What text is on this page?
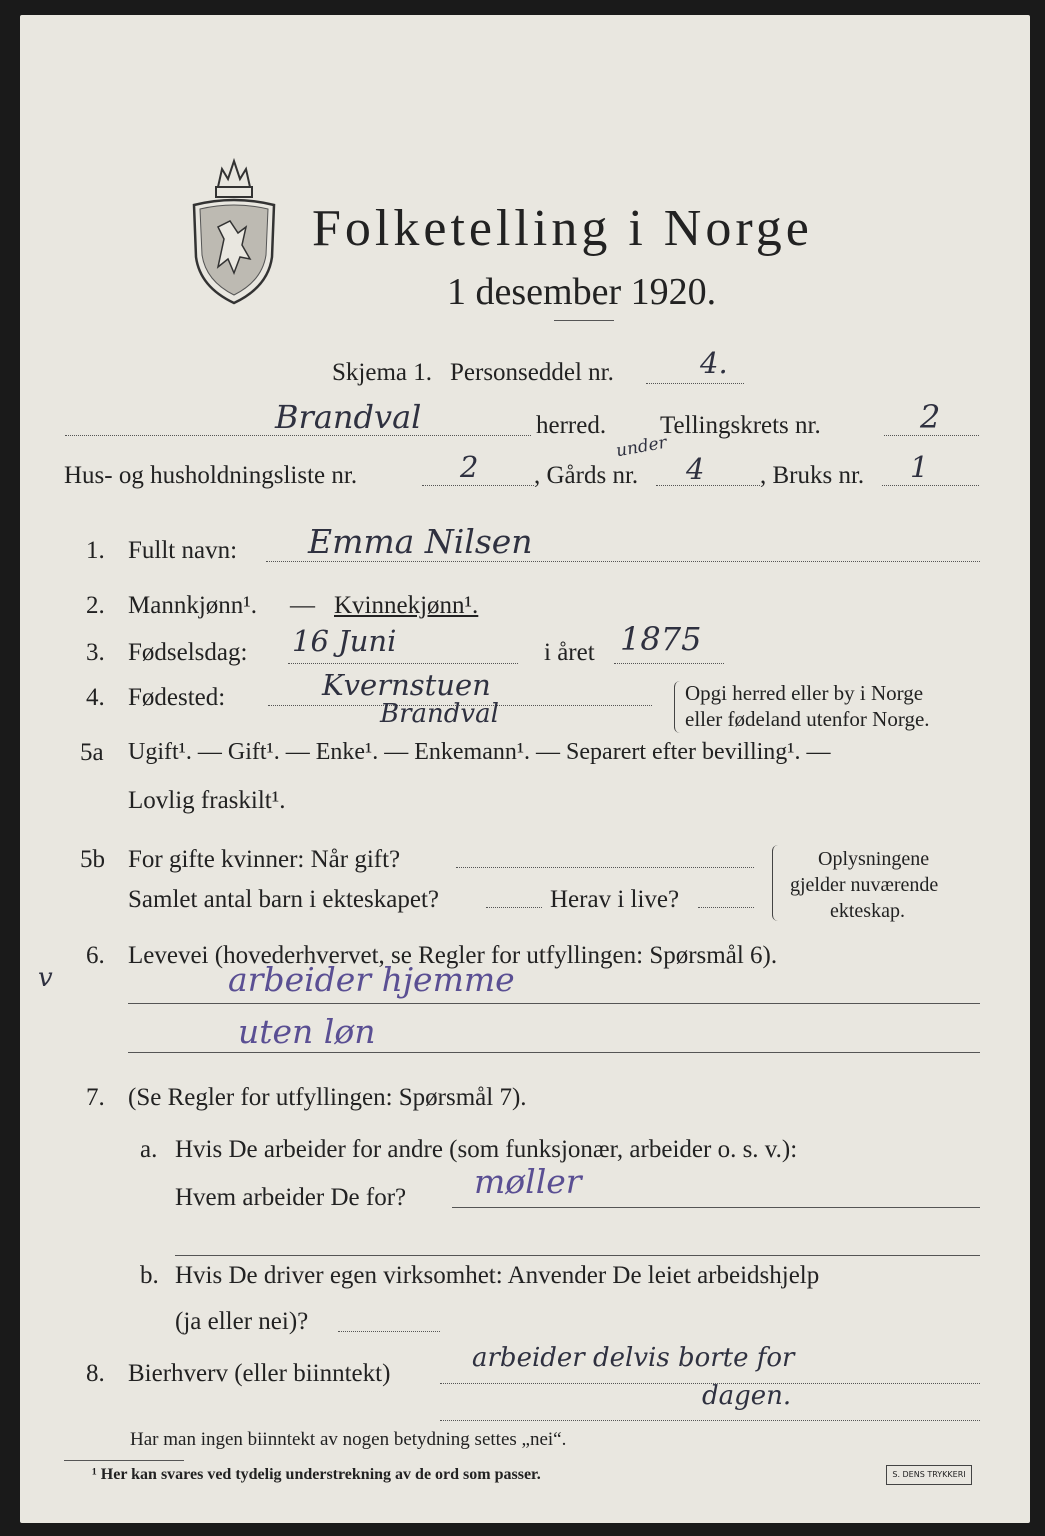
Folketelling i Norge
1 desember 1920.
Skjema 1. Personseddel nr.	4.
Brandval	herred. Tellingskrets nr.	2
Hus- og husholdningsliste nr.	2 , Gårds nr.
under
4 , Bruks nr. 1
1. Fullt navn: Emma Nilsen
2. Mannkjønn¹. — Kvinnekjønn¹.
3. Fødselsdag: 16 Juni	i året 1875
4. Fødested:	Kvernstuen
Brandval
Opgi herred eller by i Norge
eller fødeland utenfor Norge.
5a Ugift¹. — Gift¹. — Enke¹. — Enkemann¹. — Separert efter bevilling¹. —
Lovlig fraskilt¹.
5b For gifte kvinner: Når gift?
Samlet antal barn i ekteskapet?	Herav i live?
Oplysningene
gjelder nuværende
ekteskap.
v
6. Levevei (hovederhvervet, se Regler for utfyllingen: Spørsmål 6).
arbeider hjemme
uten løn
7. (Se Regler for utfyllingen: Spørsmål 7).
a. Hvis De arbeider for andre (som funksjonær, arbeider o. s. v.):
Hvem arbeider De for? møller
b. Hvis De driver egen virksomhet: Anvender De leiet arbeidshjelp
(ja eller nei)?
8. Bierhverv (eller biinntekt)
arbeider delvis borte for
dagen.
Har man ingen biinntekt av nogen betydning settes „nei“.
¹ Her kan svares ved tydelig understrekning av de ord som passer.	S. DENS TRYKKERI
